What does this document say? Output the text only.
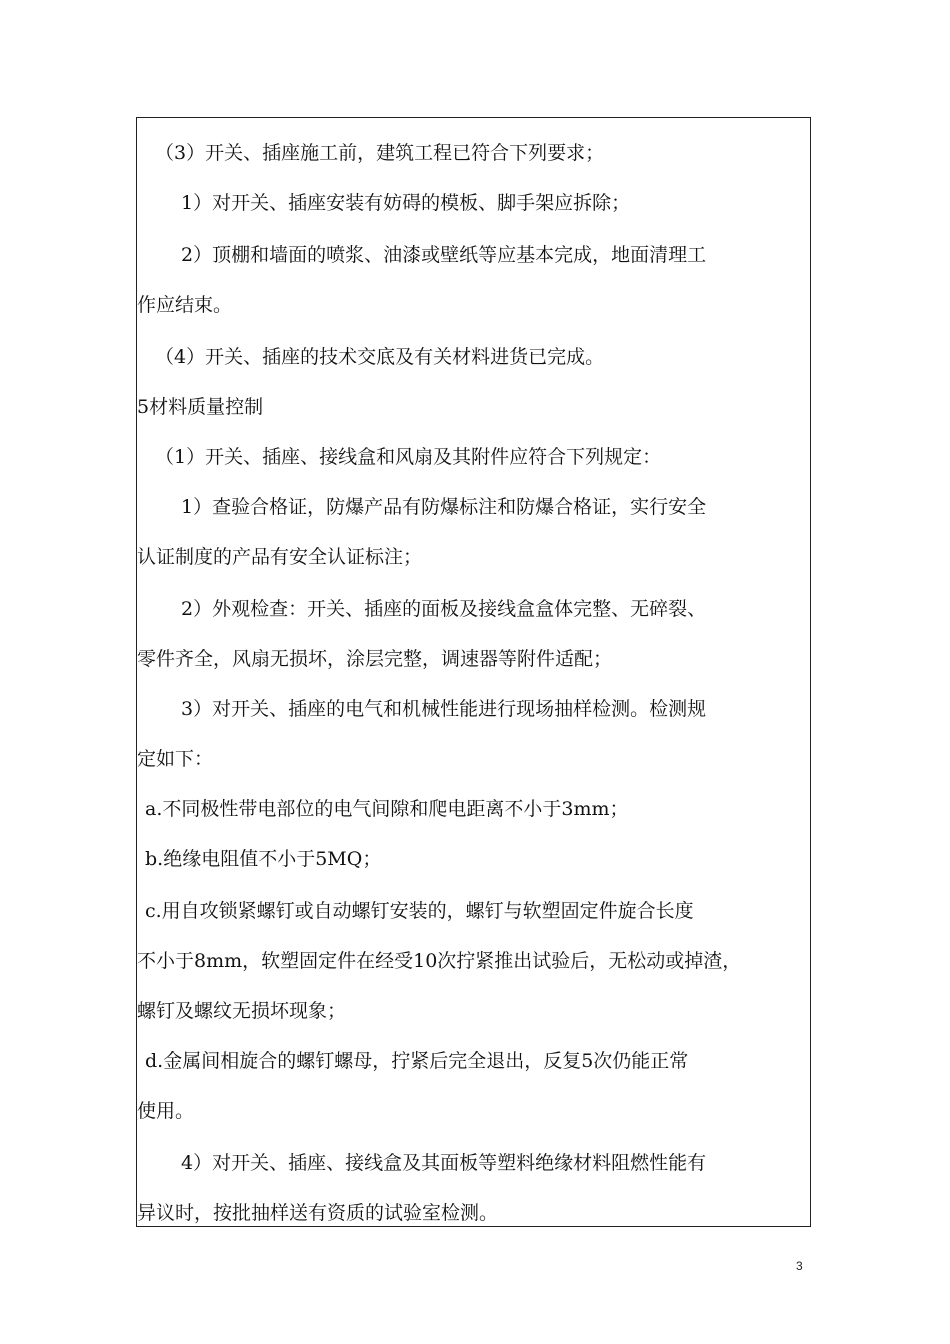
（3）开关、插座施工前，建筑工程已符合下列要求；
1）对开关、插座安装有妨碍的模板、脚手架应拆除；
2）顶棚和墙面的喷浆、油漆或壁纸等应基本完成，地面清理工
作应结束。
（4）开关、插座的技术交底及有关材料进货已完成。
5材料质量控制
（1）开关、插座、接线盒和风扇及其附件应符合下列规定：
1）查验合格证，防爆产品有防爆标注和防爆合格证，实行安全
认证制度的产品有安全认证标注；
2）外观检查：开关、插座的面板及接线盒盒体完整、无碎裂、
零件齐全，风扇无损坏，涂层完整，调速器等附件适配；
3）对开关、插座的电气和机械性能进行现场抽样检测。检测规
定如下：
a.不同极性带电部位的电气间隙和爬电距离不小于3mm；
b.绝缘电阻值不小于5MQ；
c.用自攻锁紧螺钉或自动螺钉安装的，螺钉与软塑固定件旋合长度
不小于8mm，软塑固定件在经受10次拧紧推出试验后，无松动或掉渣，
螺钉及螺纹无损坏现象；
d.金属间相旋合的螺钉螺母，拧紧后完全退出，反复5次仍能正常
使用。
4）对开关、插座、接线盒及其面板等塑料绝缘材料阻燃性能有
异议时，按批抽样送有资质的试验室检测。
3
